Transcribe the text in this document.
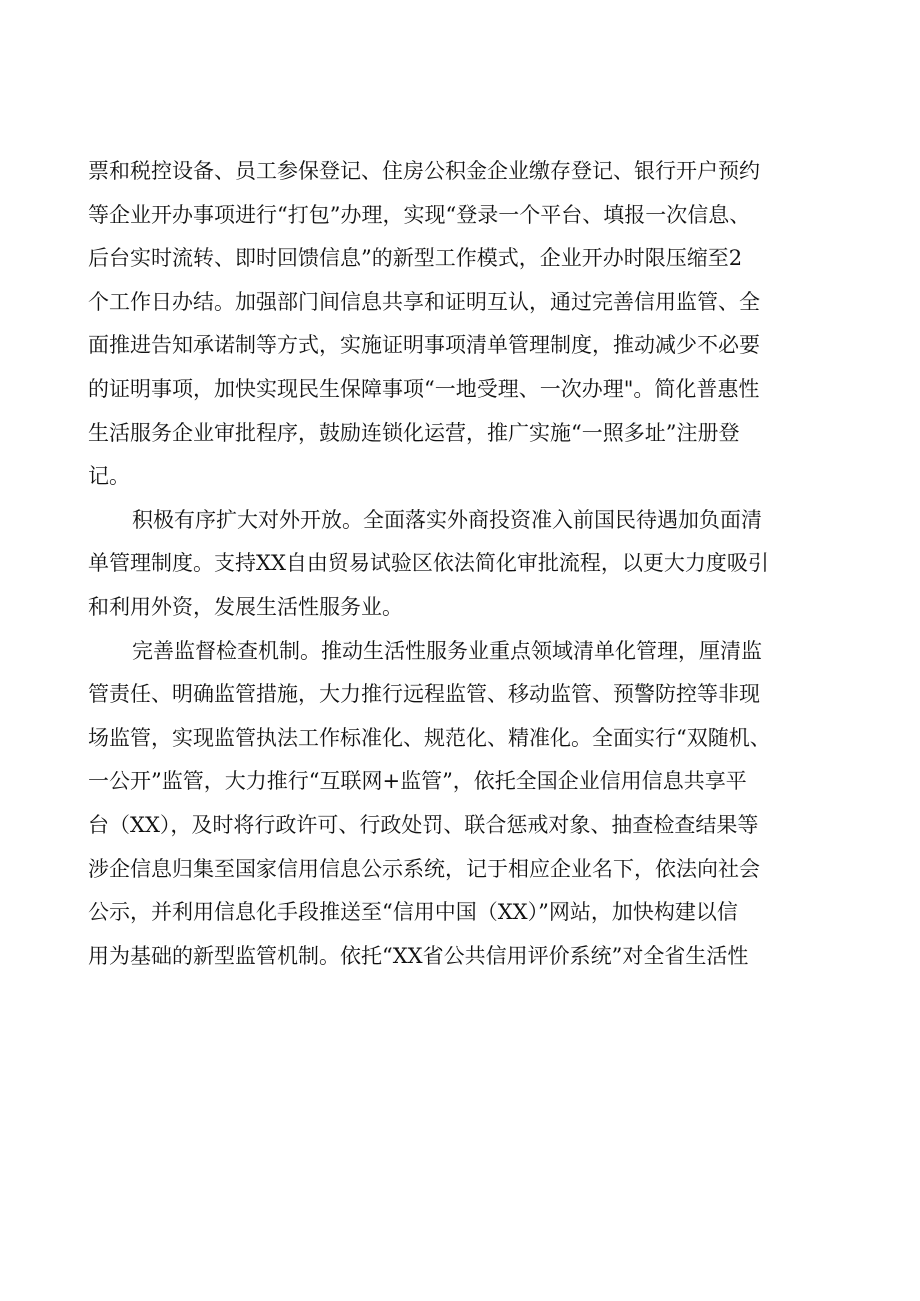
票和税控设备、员工参保登记、住房公积金企业缴存登记、银行开户预约
等企业开办事项进行“打包”办理，实现“登录一个平台、填报一次信息、
后台实时流转、即时回馈信息”的新型工作模式，企业开办时限压缩至2
个工作日办结。加强部门间信息共享和证明互认，通过完善信用监管、全
面推进告知承诺制等方式，实施证明事项清单管理制度，推动减少不必要
的证明事项，加快实现民生保障事项“一地受理、一次办理"。简化普惠性
生活服务企业审批程序，鼓励连锁化运营，推广实施“一照多址”注册登
记。
积极有序扩大对外开放。全面落实外商投资准入前国民待遇加负面清
单管理制度。支持XX自由贸易试验区依法简化审批流程，以更大力度吸引
和利用外资，发展生活性服务业。
完善监督检查机制。推动生活性服务业重点领域清单化管理，厘清监
管责任、明确监管措施，大力推行远程监管、移动监管、预警防控等非现
场监管，实现监管执法工作标准化、规范化、精准化。全面实行“双随机、
一公开”监管，大力推行“互联网+监管”，依托全国企业信用信息共享平
台（XX），及时将行政许可、行政处罚、联合惩戒对象、抽查检查结果等
涉企信息归集至国家信用信息公示系统，记于相应企业名下，依法向社会
公示，并利用信息化手段推送至“信用中国（XX）”网站，加快构建以信
用为基础的新型监管机制。依托“XX省公共信用评价系统”对全省生活性
